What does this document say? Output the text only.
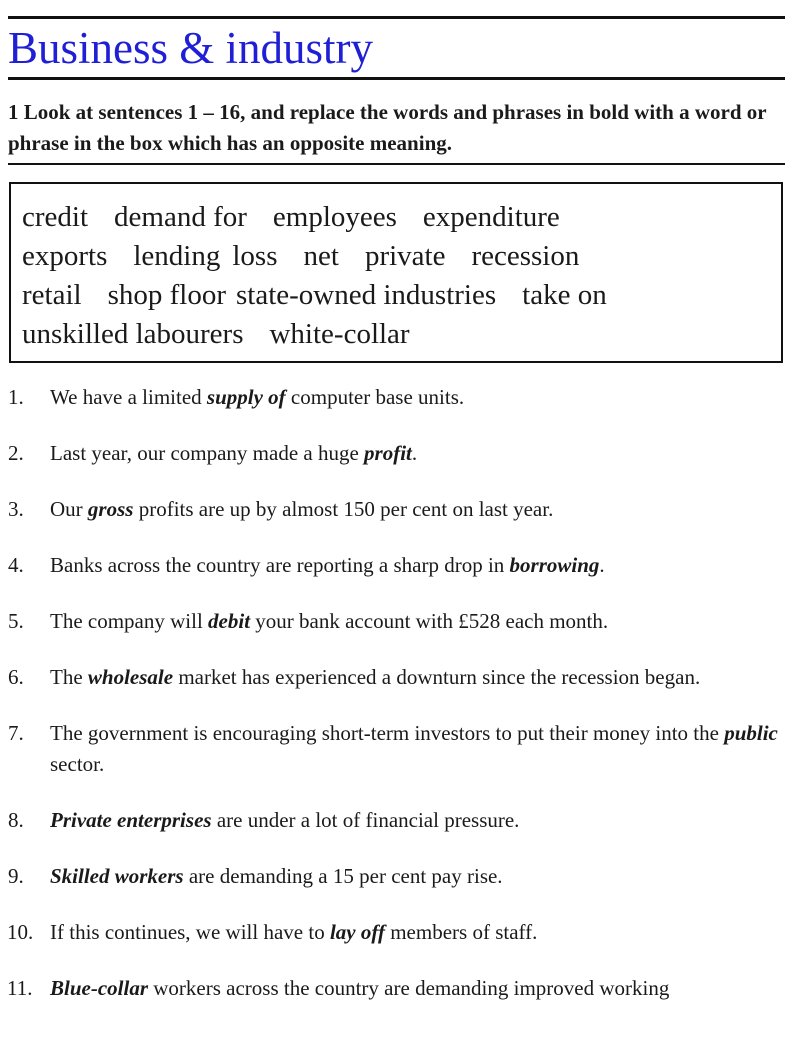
Business & industry
1 Look at sentences 1 – 16, and replace the words and phrases in bold with a word or phrase in the box which has an opposite meaning.
credit demand for employees expenditure
exports lending loss net private recession
retail shop floor state-owned industries take on
unskilled labourers white-collar
1. We have a limited supply of computer base units.
2. Last year, our company made a huge profit.
3. Our gross profits are up by almost 150 per cent on last year.
4. Banks across the country are reporting a sharp drop in borrowing.
5. The company will debit your bank account with £528 each month.
6. The wholesale market has experienced a downturn since the recession began.
7. The government is encouraging short-term investors to put their money into the public sector.
8. Private enterprises are under a lot of financial pressure.
9. Skilled workers are demanding a 15 per cent pay rise.
10. If this continues, we will have to lay off members of staff.
11. Blue-collar workers across the country are demanding improved working
